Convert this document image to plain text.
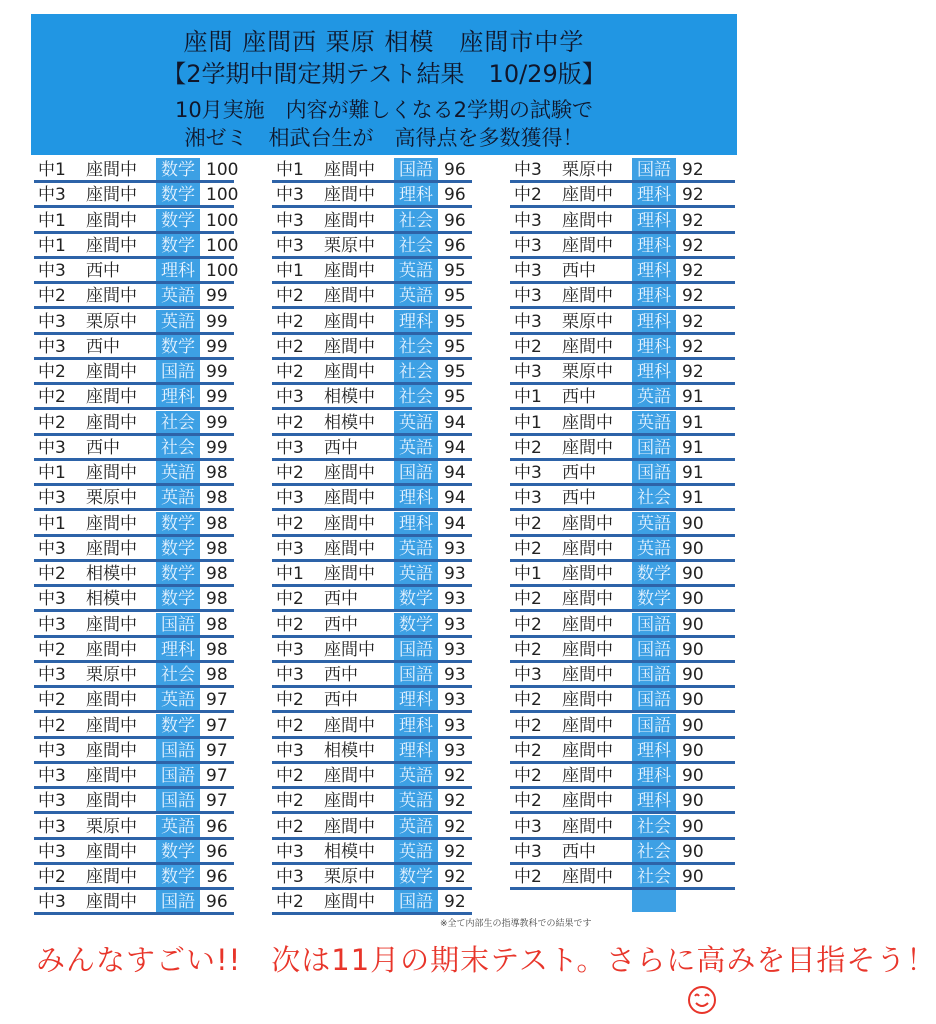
座間 座間西 栗原 相模　座間市中学
【2学期中間定期テスト結果　10/29版】
10月実施　内容が難しくなる2学期の試験で
湘ゼミ　相武台生が　高得点を多数獲得！
中1 座間中 数学 100
中3 座間中 数学 100
中1 座間中 数学 100
中1 座間中 数学 100
中3 西中 理科 100
中2 座間中 英語 99
中3 栗原中 英語 99
中3 西中 数学 99
中2 座間中 国語 99
中2 座間中 理科 99
中2 座間中 社会 99
中3 西中 社会 99
中1 座間中 英語 98
中3 栗原中 英語 98
中1 座間中 数学 98
中3 座間中 数学 98
中2 相模中 数学 98
中3 相模中 数学 98
中3 座間中 国語 98
中2 座間中 理科 98
中3 栗原中 社会 98
中2 座間中 英語 97
中2 座間中 数学 97
中3 座間中 国語 97
中3 座間中 国語 97
中3 座間中 国語 97
中3 栗原中 英語 96
中3 座間中 数学 96
中2 座間中 数学 96
中3 座間中 国語 96
中1 座間中 国語 96
中3 座間中 理科 96
中3 座間中 社会 96
中3 栗原中 社会 96
中1 座間中 英語 95
中2 座間中 英語 95
中2 座間中 理科 95
中2 座間中 社会 95
中2 座間中 社会 95
中3 相模中 社会 95
中2 相模中 英語 94
中3 西中 英語 94
中2 座間中 国語 94
中3 座間中 理科 94
中2 座間中 理科 94
中3 座間中 英語 93
中1 座間中 英語 93
中2 西中 数学 93
中2 西中 数学 93
中3 座間中 国語 93
中3 西中 国語 93
中2 西中 理科 93
中2 座間中 理科 93
中3 相模中 理科 93
中2 座間中 英語 92
中2 座間中 英語 92
中2 座間中 英語 92
中3 相模中 英語 92
中3 栗原中 数学 92
中2 座間中 国語 92
中3 栗原中 国語 92
中2 座間中 理科 92
中3 座間中 理科 92
中3 座間中 理科 92
中3 西中 理科 92
中3 座間中 理科 92
中3 栗原中 理科 92
中2 座間中 理科 92
中3 栗原中 理科 92
中1 西中 英語 91
中1 座間中 英語 91
中2 座間中 国語 91
中3 西中 国語 91
中3 西中 社会 91
中2 座間中 英語 90
中2 座間中 英語 90
中1 座間中 数学 90
中2 座間中 数学 90
中2 座間中 国語 90
中2 座間中 国語 90
中3 座間中 国語 90
中2 座間中 国語 90
中2 座間中 国語 90
中2 座間中 理科 90
中2 座間中 理科 90
中2 座間中 理科 90
中3 座間中 社会 90
中3 西中 社会 90
中2 座間中 社会 90
※全て内部生の指導教科での結果です
みんなすごい!!　次は11月の期末テスト。さらに高みを目指そう！
